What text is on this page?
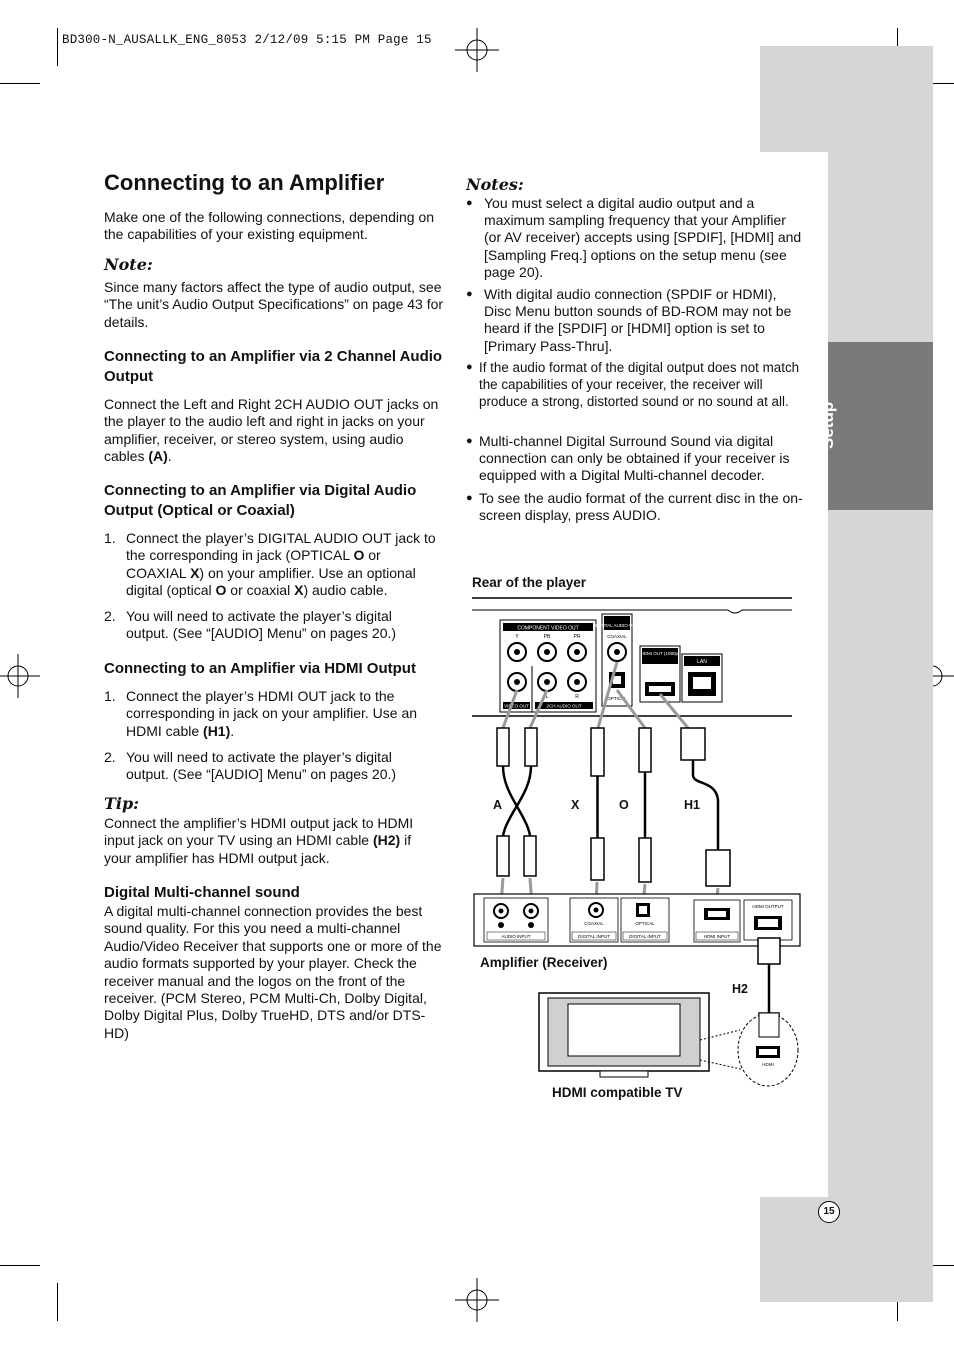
BD300-N_AUSALLK_ENG_8053 2/12/09 5:15 PM Page 15
Installation and Setup
15
Connecting to an Amplifier

Make one of the following connections, depending on the capabilities of your existing equipment.

Note:

Since many factors affect the type of audio output, see “The unit’s Audio Output Specifications” on page 43 for details.

Connecting to an Amplifier via 2 Channel Audio Output

Connect the Left and Right 2CH AUDIO OUT jacks on the player to the audio left and right in jacks on your amplifier, receiver, or stereo system, using audio cables (A).

Connecting to an Amplifier via Digital Audio Output (Optical or Coaxial)
1. Connect the player’s DIGITAL AUDIO OUT jack to the corresponding in jack (OPTICAL O or COAXIAL X) on your amplifier. Use an optional digital (optical O or coaxial X) audio cable.
2. You will need to activate the player’s digital output. (See “[AUDIO] Menu” on pages 20.)
Connecting to an Amplifier via HDMI Output
1. Connect the player’s HDMI OUT jack to the corresponding in jack on your amplifier. Use an HDMI cable (H1).
2. You will need to activate the player’s digital output. (See “[AUDIO] Menu” on pages 20.)
Tip:

Connect the amplifier’s HDMI output jack to HDMI input jack on your TV using an HDMI cable (H2) if your amplifier has HDMI output jack.

Digital Multi-channel sound

A digital multi-channel connection provides the best sound quality. For this you need a multi-channel Audio/Video Receiver that supports one or more of the audio formats supported by your player. Check the receiver manual and the logos on the front of the receiver. (PCM Stereo, PCM Multi-Ch, Dolby Digital, Dolby Digital Plus, Dolby TrueHD, DTS and/or DTS-HD)

Notes:
● You must select a digital audio output and a maximum sampling frequency that your Amplifier (or AV receiver) accepts using [SPDIF], [HDMI] and [Sampling Freq.] options on the setup menu (see page 20).
● With digital audio connection (SPDIF or HDMI), Disc Menu button sounds of BD-ROM may not be heard if the [SPDIF] or [HDMI] option is set to [Primary Pass-Thru].
● If the audio format of the digital output does not match the capabilities of your receiver, the receiver will produce a strong, distorted sound or no sound at all.
● Multi-channel Digital Surround Sound via digital connection can only be obtained if your receiver is equipped with a Digital Multi-channel decoder.
● To see the audio format of the current disc in the on-screen display, press AUDIO.
Rear of the player
Amplifier (Receiver)
HDMI compatible TV
A	X	O	H1
H2
COMPONENT VIDEO OUT
Y	PB	PR
L	R
VIDEO OUT	2CH AUDIO OUT
DIGITAL AUDIO OUT
COAXIAL
OPTICAL
HDMI OUT (1080p)
LAN
AUDIO INPUT
COAXIAL
DIGITAL INPUT
OPTICAL
DIGITAL INPUT	HDMI INPUT
HDMI OUTPUT
HDMI
